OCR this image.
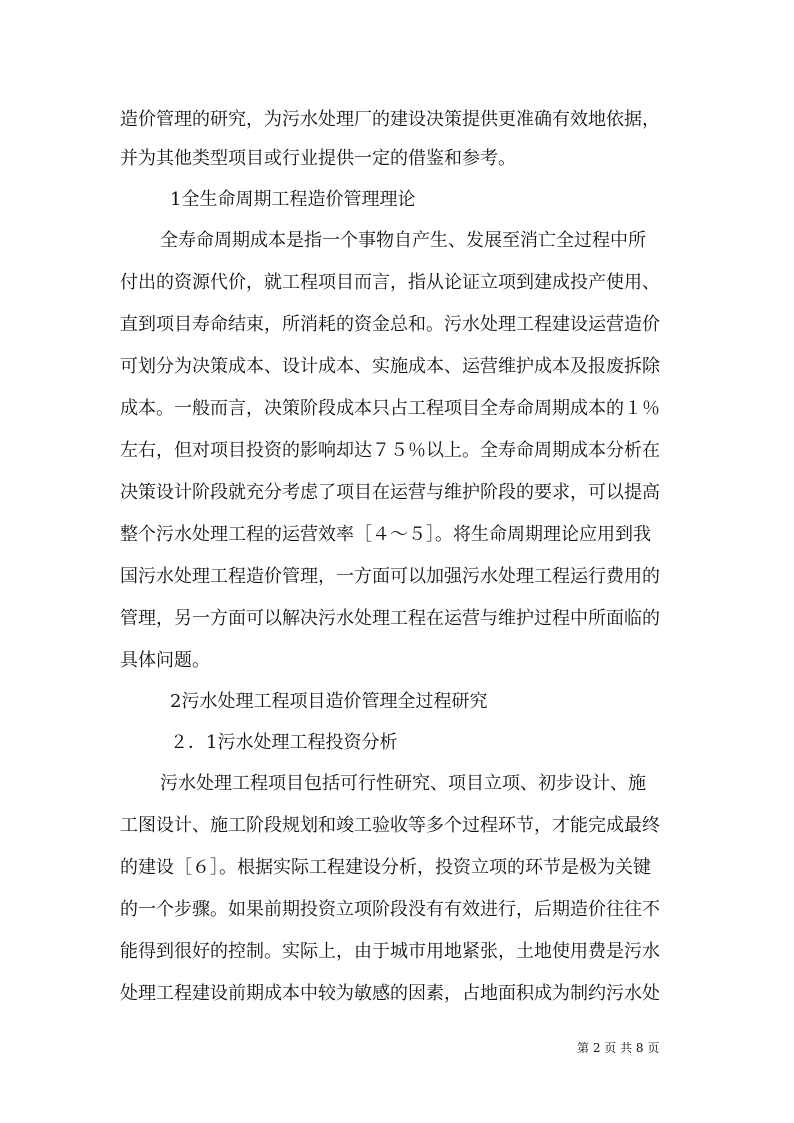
造价管理的研究，为污水处理厂的建设决策提供更准确有效地依据，
并为其他类型项目或行业提供一定的借鉴和参考。
1全生命周期工程造价管理理论
全寿命周期成本是指一个事物自产生、发展至消亡全过程中所
付出的资源代价，就工程项目而言，指从论证立项到建成投产使用、
直到项目寿命结束，所消耗的资金总和。污水处理工程建设运营造价
可划分为决策成本、设计成本、实施成本、运营维护成本及报废拆除
成本。一般而言，决策阶段成本只占工程项目全寿命周期成本的１％
左右，但对项目投资的影响却达７５％以上。全寿命周期成本分析在
决策设计阶段就充分考虑了项目在运营与维护阶段的要求，可以提高
整个污水处理工程的运营效率［４～５］。将生命周期理论应用到我
国污水处理工程造价管理，一方面可以加强污水处理工程运行费用的
管理，另一方面可以解决污水处理工程在运营与维护过程中所面临的
具体问题。
2污水处理工程项目造价管理全过程研究
２．1污水处理工程投资分析
污水处理工程项目包括可行性研究、项目立项、初步设计、施
工图设计、施工阶段规划和竣工验收等多个过程环节，才能完成最终
的建设［６］。根据实际工程建设分析，投资立项的环节是极为关键
的一个步骤。如果前期投资立项阶段没有有效进行，后期造价往往不
能得到很好的控制。实际上，由于城市用地紧张，土地使用费是污水
处理工程建设前期成本中较为敏感的因素，占地面积成为制约污水处
第 2 页 共 8 页
